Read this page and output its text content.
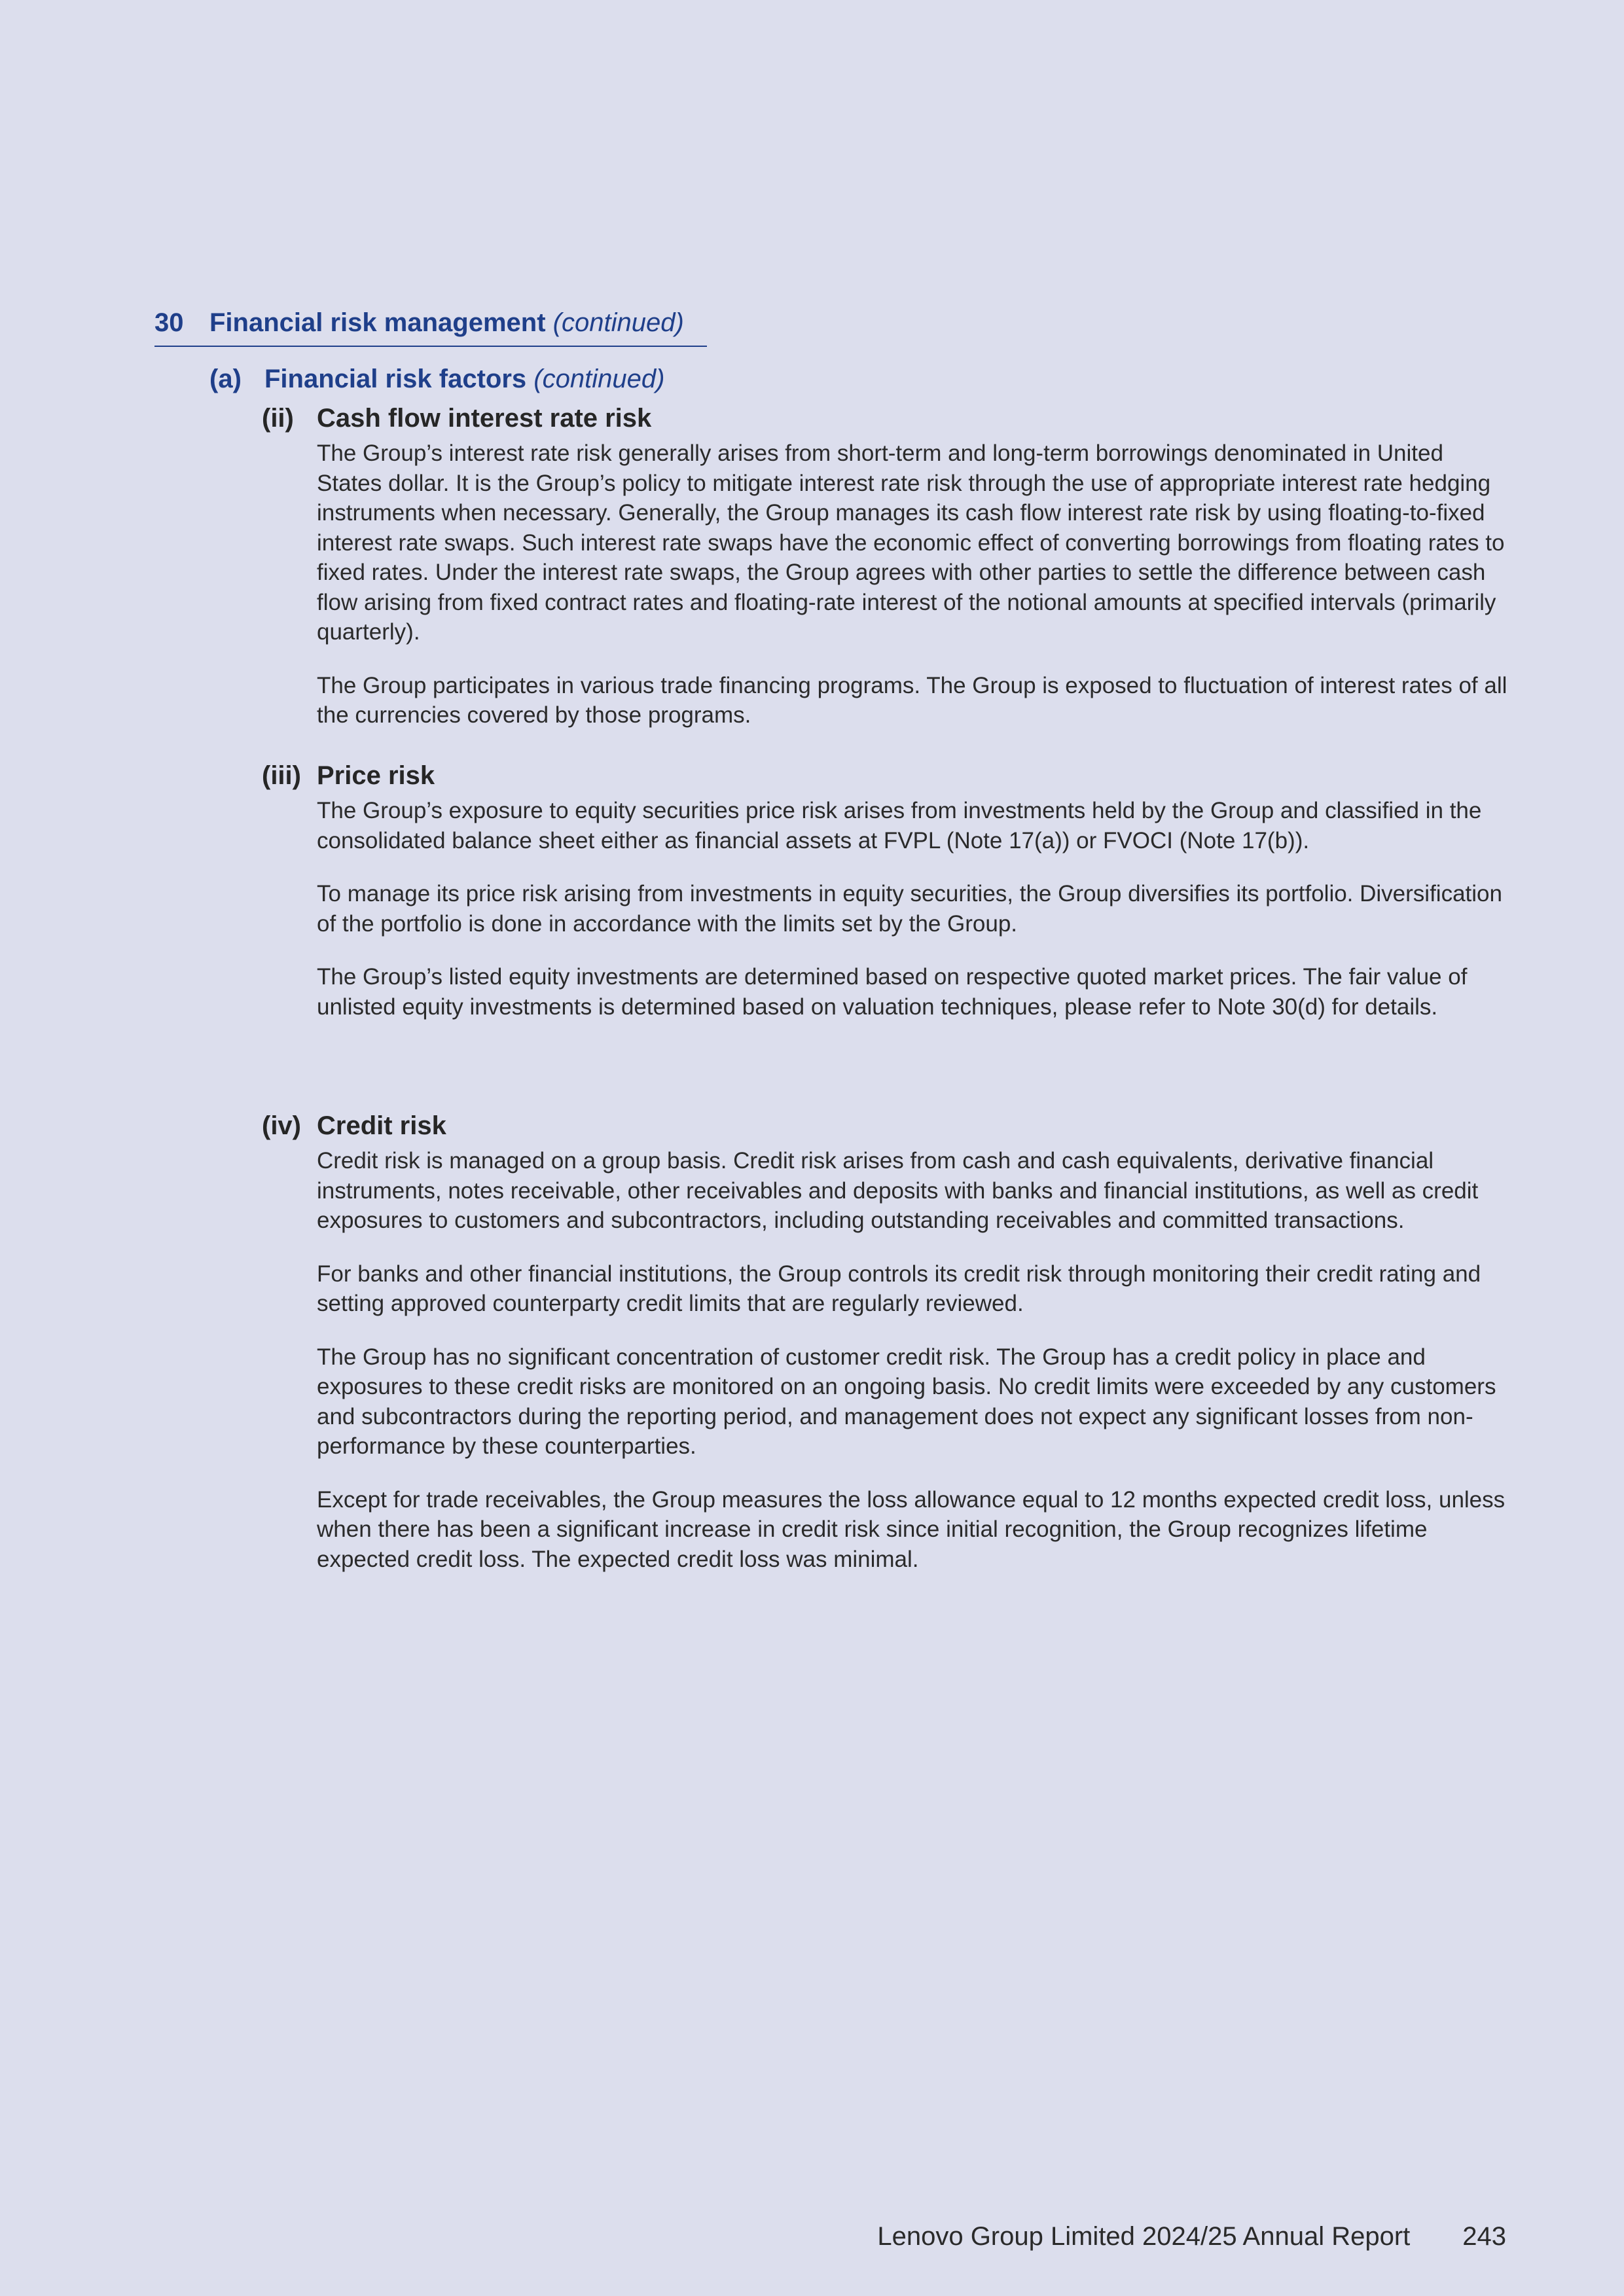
30 Financial risk management (continued)
(a) Financial risk factors (continued)
(ii) Cash flow interest rate risk

The Group’s interest rate risk generally arises from short-term and long-term borrowings denominated in United States dollar. It is the Group’s policy to mitigate interest rate risk through the use of appropriate interest rate hedging instruments when necessary. Generally, the Group manages its cash flow interest rate risk by using floating-to-fixed interest rate swaps. Such interest rate swaps have the economic effect of converting borrowings from floating rates to fixed rates. Under the interest rate swaps, the Group agrees with other parties to settle the difference between cash flow arising from fixed contract rates and floating-rate interest of the notional amounts at specified intervals (primarily quarterly).

The Group participates in various trade financing programs. The Group is exposed to fluctuation of interest rates of all the currencies covered by those programs.

(iii) Price risk

The Group’s exposure to equity securities price risk arises from investments held by the Group and classified in the consolidated balance sheet either as financial assets at FVPL (Note 17(a)) or FVOCI (Note 17(b)).

To manage its price risk arising from investments in equity securities, the Group diversifies its portfolio. Diversification of the portfolio is done in accordance with the limits set by the Group.

The Group’s listed equity investments are determined based on respective quoted market prices. The fair value of unlisted equity investments is determined based on valuation techniques, please refer to Note 30(d) for details.

(iv) Credit risk

Credit risk is managed on a group basis. Credit risk arises from cash and cash equivalents, derivative financial instruments, notes receivable, other receivables and deposits with banks and financial institutions, as well as credit exposures to customers and subcontractors, including outstanding receivables and committed transactions.

For banks and other financial institutions, the Group controls its credit risk through monitoring their credit rating and setting approved counterparty credit limits that are regularly reviewed.

The Group has no significant concentration of customer credit risk. The Group has a credit policy in place and exposures to these credit risks are monitored on an ongoing basis. No credit limits were exceeded by any customers and subcontractors during the reporting period, and management does not expect any significant losses from non-performance by these counterparties.

Except for trade receivables, the Group measures the loss allowance equal to 12 months expected credit loss, unless when there has been a significant increase in credit risk since initial recognition, the Group recognizes lifetime expected credit loss. The expected credit loss was minimal.

Lenovo Group Limited 2024/25 Annual Report 243
